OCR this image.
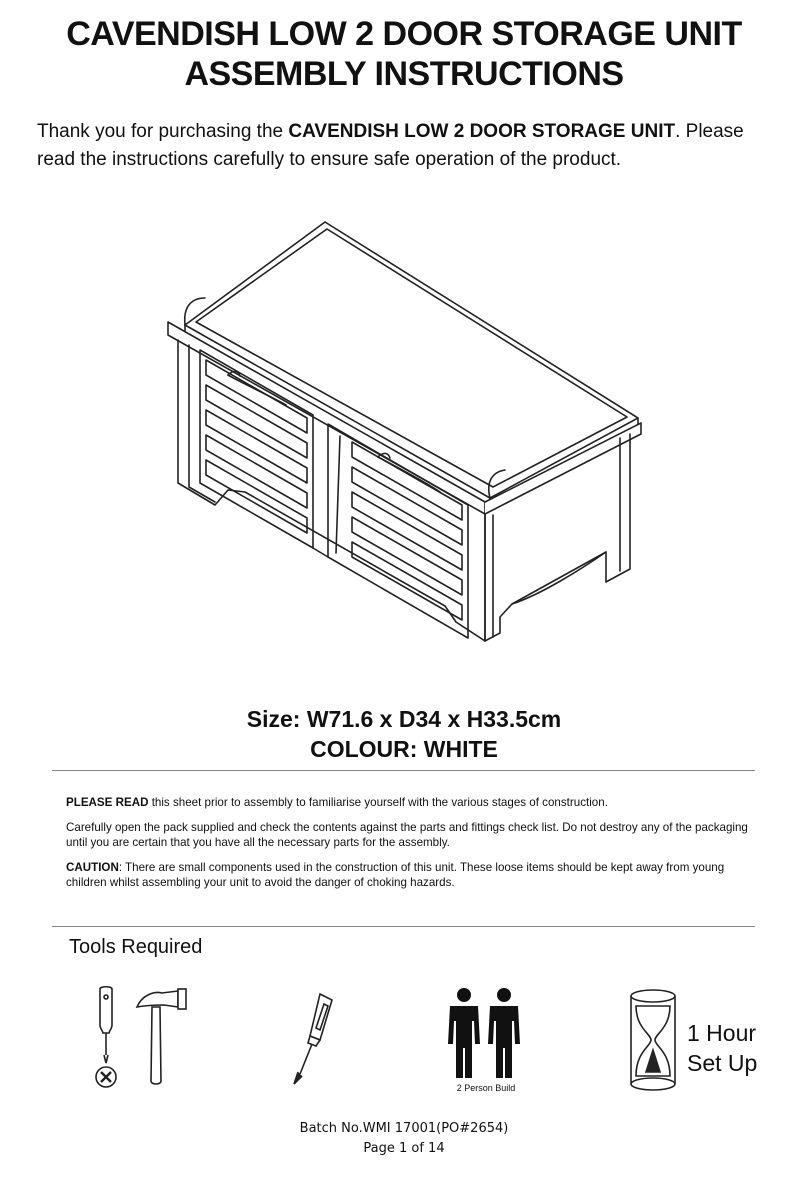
CAVENDISH LOW 2 DOOR STORAGE UNIT
ASSEMBLY INSTRUCTIONS
Thank you for purchasing the CAVENDISH LOW 2 DOOR STORAGE UNIT. Please read the instructions carefully to ensure safe operation of the product.
Size: W71.6 x D34 x H33.5cm
COLOUR: WHITE

PLEASE READ this sheet prior to assembly to familiarise yourself with the various stages of construction.

Carefully open the pack supplied and check the contents against the parts and fittings check list. Do not destroy any of the packaging until you are certain that you have all the necessary parts for the assembly.

CAUTION: There are small components used in the construction of this unit. These loose items should be kept away from young children whilst assembling your unit to avoid the danger of choking hazards.

Tools Required
2 Person Build
1 Hour
Set Up
Batch No.WMI 17001(PO#2654)
Page 1 of 14
